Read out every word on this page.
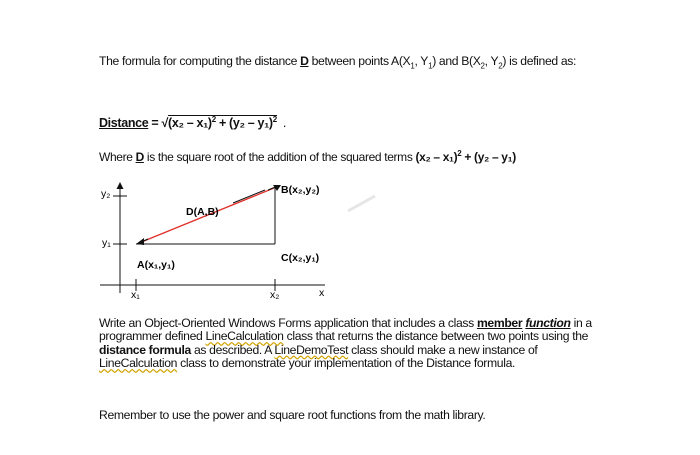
The formula for computing the distance D between points $A(X_1$, $Y_1$) and $B(X_2$, $Y_2$) is defined as:
Distance = √(x₂ – x₁)$^2$ + (y₂ – y₁)$^2$ .
Where D is the square root of the addition of the squared terms (x₂ – x₁)$^2$ + (y₂ – y₁)
y₂
y₁
x₁	x₂	x
A(x₁,y₁)
B(x₂,y₂)
C(x₂,y₁)
D(A,B)
Write an Object-Oriented Windows Forms application that includes a class member function in a programmer defined LineCalculation class that returns the distance between two points using the distance formula as described. A LineDemoTest class should make a new instance of LineCalculation class to demonstrate your implementation of the Distance formula.
Remember to use the power and square root functions from the math library.
